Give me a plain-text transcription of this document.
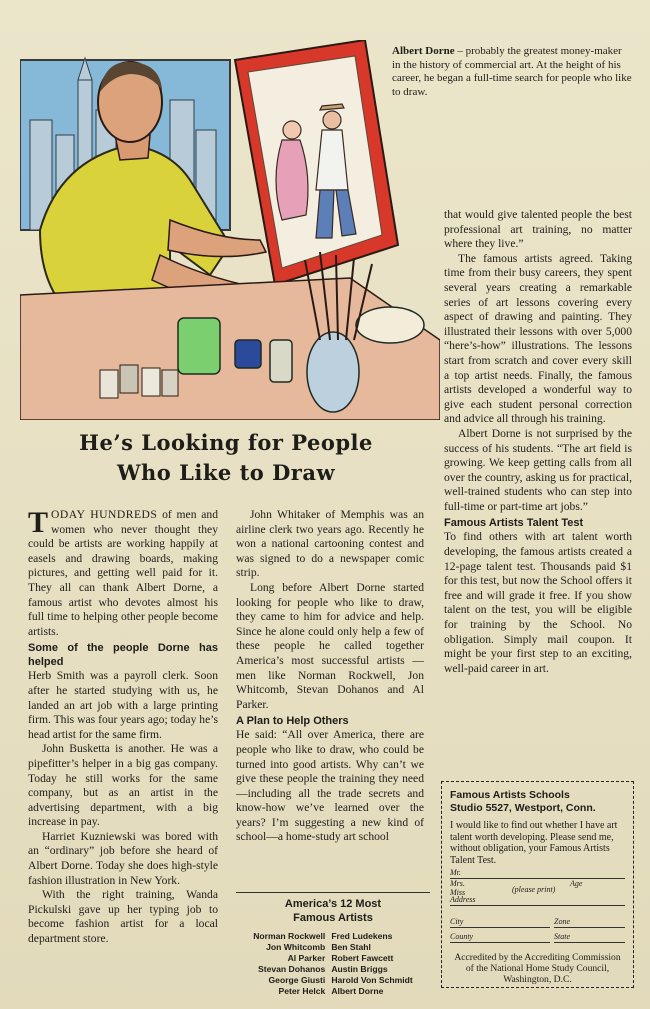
Albert Dorne – probably the greatest money-maker in the history of commercial art. At the height of his career, he began a full-time search for people who like to draw.
He’s Looking for People
Who Like to Draw

TODAY HUNDREDS of men and women who never thought they could be artists are working happily at easels and drawing boards, making pictures, and getting well paid for it. They all can thank Albert Dorne, a famous artist who devotes almost his full time to helping other people become artists.

Some of the people Dorne has helped

Herb Smith was a payroll clerk. Soon after he started studying with us, he landed an art job with a large printing firm. This was four years ago; today he’s head artist for the same firm.

John Busketta is another. He was a pipefitter’s helper in a big gas company. Today he still works for the same company, but as an artist in the advertising department, with a big increase in pay.

Harriet Kuzniewski was bored with an “ordinary” job before she heard of Albert Dorne. Today she does high-style fashion illustration in New York.

With the right training, Wanda Pickulski gave up her typing job to become fashion artist for a local department store.

John Whitaker of Memphis was an airline clerk two years ago. Recently he won a national cartooning contest and was signed to do a newspaper comic strip.

Long before Albert Dorne started looking for people who like to draw, they came to him for advice and help. Since he alone could only help a few of these people he called together America’s most successful artists —men like Norman Rockwell, Jon Whitcomb, Stevan Dohanos and Al Parker.

A Plan to Help Others

He said: “All over America, there are people who like to draw, who could be turned into good artists. Why can’t we give these people the training they need—including all the trade secrets and know-how we’ve learned over the years? I’m suggesting a new kind of school—a home-study art school

America’s 12 Most
Famous Artists
Norman Rockwell	Fred Ludekens
Jon Whitcomb	Ben Stahl
Al Parker	Robert Fawcett
Stevan Dohanos	Austin Briggs
George Giusti	Harold Von Schmidt
Peter Helck	Albert Dorne

that would give talented people the best professional art training, no matter where they live.”

The famous artists agreed. Taking time from their busy careers, they spent several years creating a remarkable series of art lessons covering every aspect of drawing and painting. They illustrated their lessons with over 5,000 “here’s-how” illustrations. The lessons start from scratch and cover every skill a top artist needs. Finally, the famous artists developed a wonderful way to give each student personal correction and advice all through his training.

Albert Dorne is not surprised by the success of his students. “The art field is growing. We keep getting calls from all over the country, asking us for practical, well-trained students who can step into full-time or part-time art jobs.”

Famous Artists Talent Test

To find others with art talent worth developing, the famous artists created a 12-page talent test. Thousands paid $1 for this test, but now the School offers it free and will grade it free. If you show talent on the test, you will be eligible for training by the School. No obligation. Simply mail coupon. It might be your first step to an exciting, well-paid career in art.

Famous Artists Schools
Studio 5527, Westport, Conn.
I would like to find out whether I have art talent worth developing. Please send me, without obligation, your Famous Artists Talent Test.
Mr.
Mrs.
Miss
Age
(please print)
Address
City	Zone
County	State
Accredited by the Accrediting Commission of the National Home Study Council, Washington, D.C.
